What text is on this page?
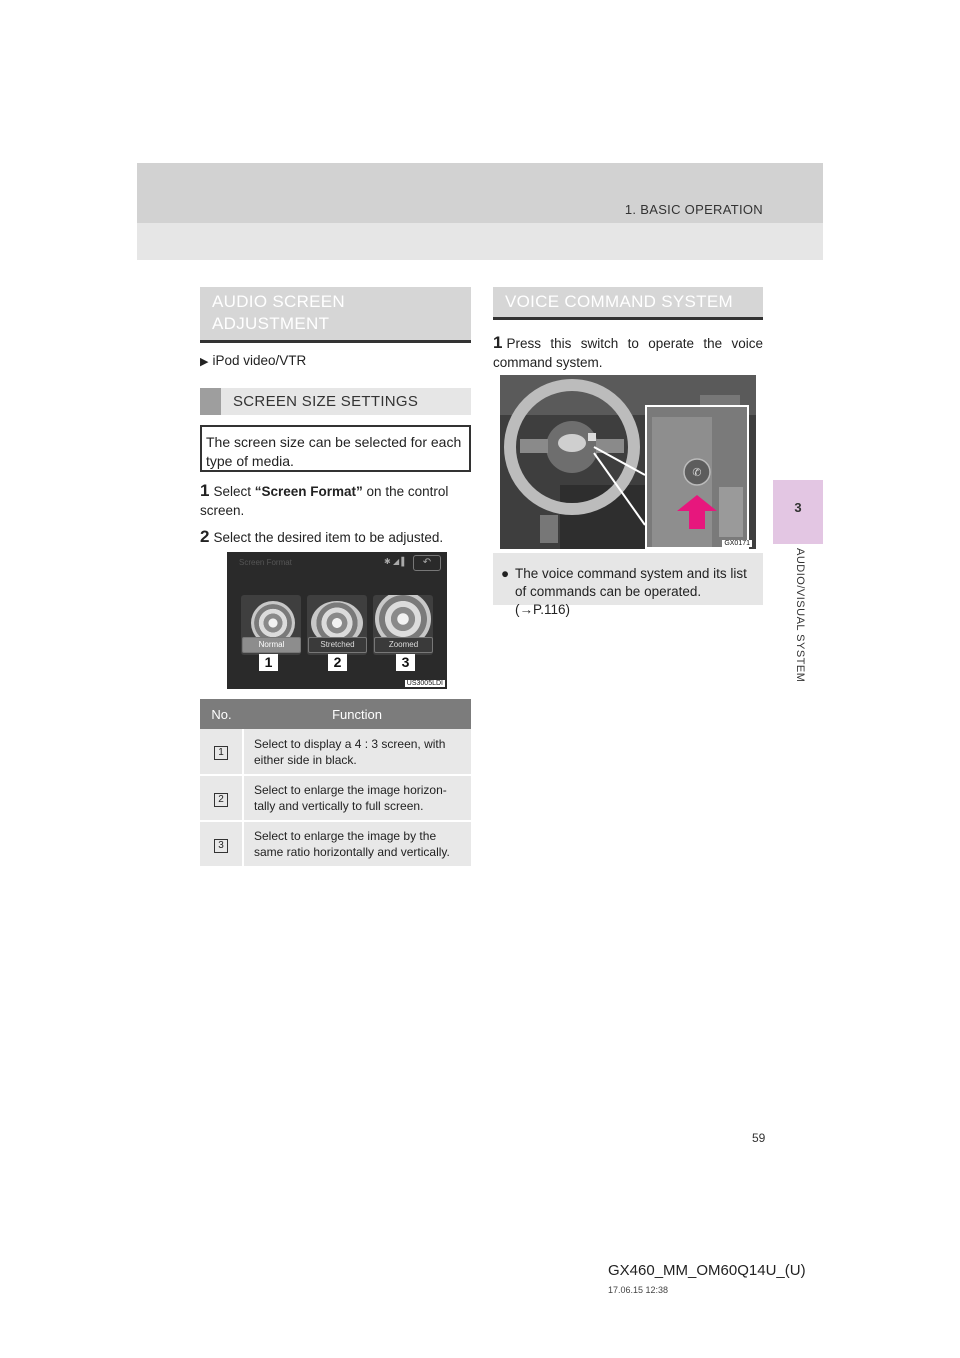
1. BASIC OPERATION
3
AUDIO/VISUAL SYSTEM
AUDIO SCREEN
ADJUSTMENT
▶ iPod video/VTR
SCREEN SIZE SETTINGS
The screen size can be selected for each type of media.
1 Select “Screen Format” on the control screen.
2 Select the desired item to be adjusted.
Screen Format	✱ ◢ ▌	↶
Normal	Stretched	Zoomed
1	2	3
US3005LDI
No.	Function
1	Select to display a 4 : 3 screen, with either side in black.
2	Select to enlarge the image horizon-tally and vertically to full screen.
3	Select to enlarge the image by the same ratio horizontally and vertically.
VOICE COMMAND SYSTEM
1 Press this switch to operate the voice command system.
✆
GX0171
● The voice command system and its list of commands can be operated. (→P.116)
59
GX460_MM_OM60Q14U_(U)
17.06.15 12:38
